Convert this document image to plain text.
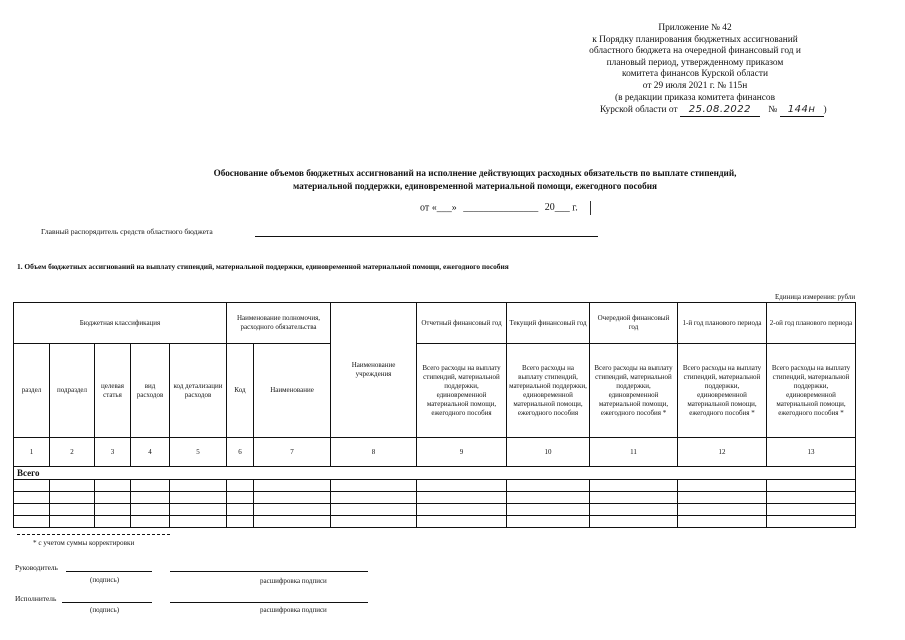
Приложение № 42
к Порядку планирования бюджетных ассигнований
областного бюджета на очередной финансовый год и
плановый период, утвержденному приказом
комитета финансов Курской области
от 29 июля 2021 г. № 115н
(в редакции приказа комитета финансов
Курской области от 25.08.2022 № 144н )
Обоснование объемов бюджетных ассигнований на исполнение действующих расходных обязательств по выплате стипендий,
материальной поддержки, единовременной материальной помощи, ежегодного пособия
от «___» _______________ 20___ г.
Главный распорядитель средств областного бюджета
1. Объем бюджетных ассигнований на выплату стипендий, материальной поддержки, единовременной материальной помощи, ежегодного пособия
Единица измерения: рубли
Бюджетная классификация					Наименование полномочия, расходного обязательства		Наименование учреждения	Отчетный финансовый год	Текущий финансовый год	Очередной финансовый год	1-й год планового периода	2-ой год планового периода
раздел	подраздел	целевая статья	вид расходов	код детализации расходов	Код	Наименование		Всего расходы на выплату стипендий, материальной поддержки, единовременной материальной помощи, ежегодного пособия	Всего расходы на выплату стипендий, материальной поддержки, единовременной материальной помощи, ежегодного пособия	Всего расходы на выплату стипендий, материальной поддержки, единовременной материальной помощи, ежегодного пособия *	Всего расходы на выплату стипендий, материальной поддержки, единовременной материальной помощи, ежегодного пособия *	Всего расходы на выплату стипендий, материальной поддержки, единовременной материальной помощи, ежегодного пособия *
1	2	3	4	5	6	7	8	9	10	11	12	13
Всего												

* с учетом суммы корректировки
Руководитель
(подпись)	расшифровка подписи
Исполнитель
(подпись)	расшифровка подписи
